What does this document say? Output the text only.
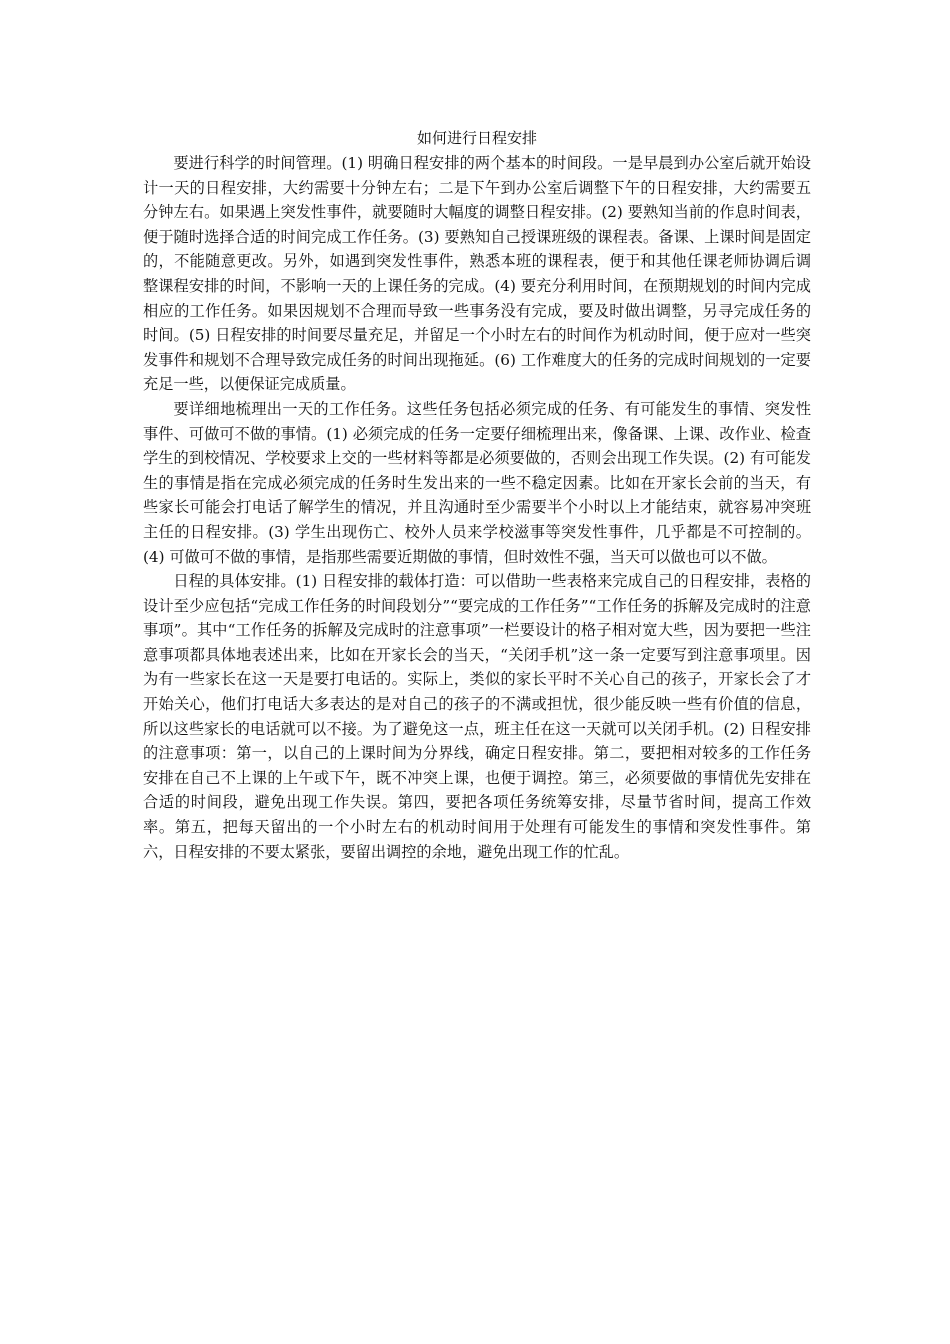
如何进行日程安排

要进行科学的时间管理。(1) 明确日程安排的两个基本的时间段。一是早晨到办公室后就开始设计一天的日程安排，大约需要十分钟左右；二是下午到办公室后调整下午的日程安排，大约需要五分钟左右。如果遇上突发性事件，就要随时大幅度的调整日程安排。(2) 要熟知当前的作息时间表，便于随时选择合适的时间完成工作任务。(3) 要熟知自己授课班级的课程表。备课、上课时间是固定的，不能随意更改。另外，如遇到突发性事件，熟悉本班的课程表，便于和其他任课老师协调后调整课程安排的时间，不影响一天的上课任务的完成。(4) 要充分利用时间，在预期规划的时间内完成相应的工作任务。如果因规划不合理而导致一些事务没有完成，要及时做出调整，另寻完成任务的时间。(5) 日程安排的时间要尽量充足，并留足一个小时左右的时间作为机动时间，便于应对一些突发事件和规划不合理导致完成任务的时间出现拖延。(6) 工作难度大的任务的完成时间规划的一定要充足一些，以便保证完成质量。

要详细地梳理出一天的工作任务。这些任务包括必须完成的任务、有可能发生的事情、突发性事件、可做可不做的事情。(1) 必须完成的任务一定要仔细梳理出来，像备课、上课、改作业、检查学生的到校情况、学校要求上交的一些材料等都是必须要做的，否则会出现工作失误。(2) 有可能发生的事情是指在完成必须完成的任务时生发出来的一些不稳定因素。比如在开家长会前的当天，有些家长可能会打电话了解学生的情况，并且沟通时至少需要半个小时以上才能结束，就容易冲突班主任的日程安排。(3) 学生出现伤亡、校外人员来学校滋事等突发性事件，几乎都是不可控制的。(4) 可做可不做的事情，是指那些需要近期做的事情，但时效性不强，当天可以做也可以不做。

日程的具体安排。(1) 日程安排的载体打造：可以借助一些表格来完成自己的日程安排，表格的设计至少应包括“完成工作任务的时间段划分”“要完成的工作任务”“工作任务的拆解及完成时的注意事项”。其中“工作任务的拆解及完成时的注意事项”一栏要设计的格子相对宽大些，因为要把一些注意事项都具体地表述出来，比如在开家长会的当天，“关闭手机”这一条一定要写到注意事项里。因为有一些家长在这一天是要打电话的。实际上，类似的家长平时不关心自己的孩子，开家长会了才开始关心，他们打电话大多表达的是对自己的孩子的不满或担忧，很少能反映一些有价值的信息，所以这些家长的电话就可以不接。为了避免这一点，班主任在这一天就可以关闭手机。(2) 日程安排的注意事项：第一，以自己的上课时间为分界线，确定日程安排。第二，要把相对较多的工作任务安排在自己不上课的上午或下午，既不冲突上课，也便于调控。第三，必须要做的事情优先安排在合适的时间段，避免出现工作失误。第四，要把各项任务统筹安排，尽量节省时间，提高工作效率。第五，把每天留出的一个小时左右的机动时间用于处理有可能发生的事情和突发性事件。第六，日程安排的不要太紧张，要留出调控的余地，避免出现工作的忙乱。
